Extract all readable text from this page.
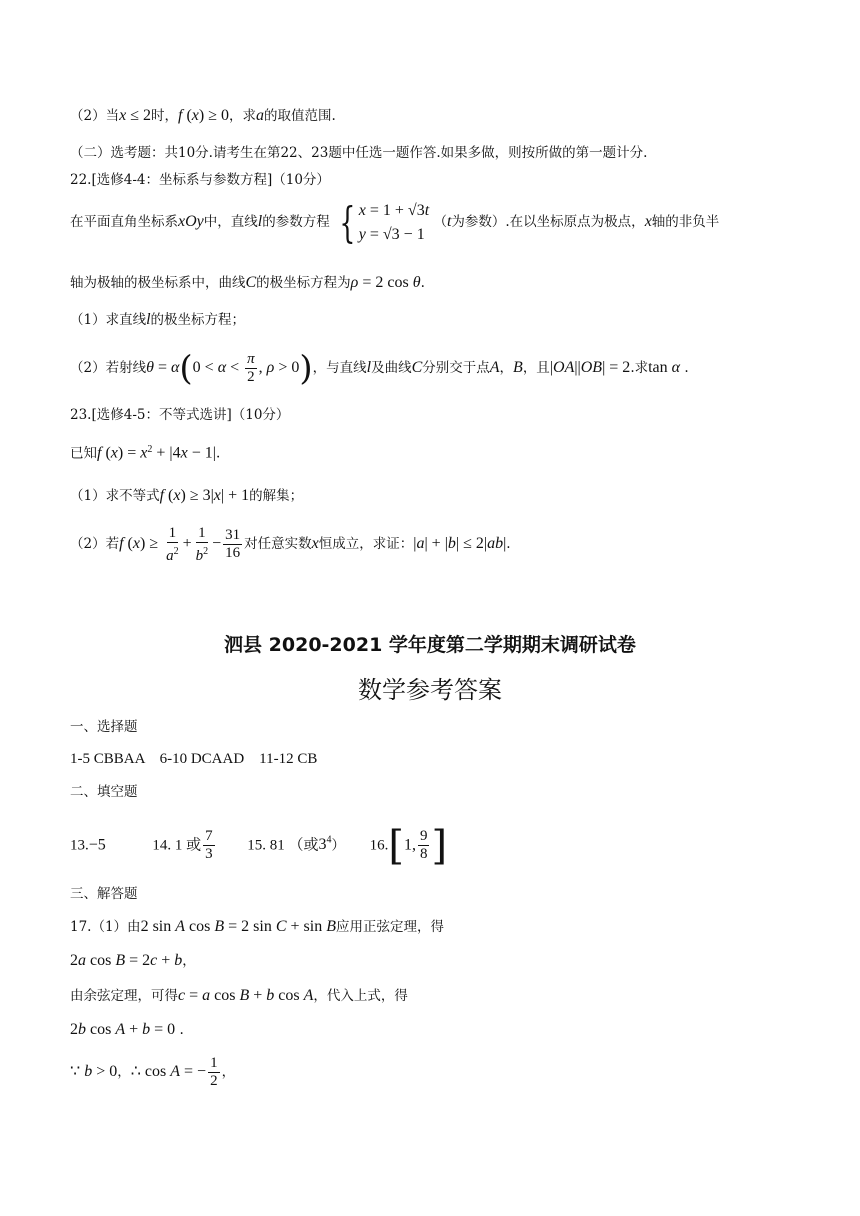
（2）当x ≤ 2时，f (x) ≥ 0，求a的取值范围.
（二）选考题：共10分.请考生在第22、23题中任选一题作答.如果多做，则按所做的第一题计分.
22.[选修4-4：坐标系与参数方程]（10分）
在平面直角坐标系xOy中，直线l的参数方程 { x = 1 + √3t
y = √3 − 1
（t为参数）.在以坐标原点为极点，x轴的非负半
轴为极轴的极坐标系中，曲线C的极坐标方程为ρ = 2 cos θ.
（1）求直线l的极坐标方程；
（2）若射线$\theta = \alpha(0 < \alpha < \frac{\pi}{2}$ , ρ > 0)，与直线l及曲线C分别交于点A，B，且|OA||OB| = 2.求tan α .
23.[选修4-5：不等式选讲]（10分）
已知f $(x) = x^2 + |4x - 1|$.
（1）求不等式f (x) ≥ 3|x| + 1的解集；
（2）若f $(x) \ge \frac{1}{a^2} + \frac{1}{b^2} - \frac{31}{16}$ 对任意实数x恒成立，求证：|a| + |b| ≤ 2|ab|.
泗县 2020-2021 学年度第二学期期末调研试卷
数学参考答案
一、选择题
1-5 CBBAA    6-10 DCAAD    11-12 CB
二、填空题
13.−5	14. 1 或 $\frac{7}{3} 15$. 81 （或$3^4$） 16.[1, $\frac{9}{8}$ ]
三、解答题
17.（1）由2 sin A cos B = 2 sin C + sin B应用正弦定理，得
2a cos B = 2c + b，
由余弦定理，可得c = a cos B + b cos A，代入上式，得
2b cos A + b = 0 .
∵ b > 0，∴ cos A = − $\frac{1}{2}$ ，
